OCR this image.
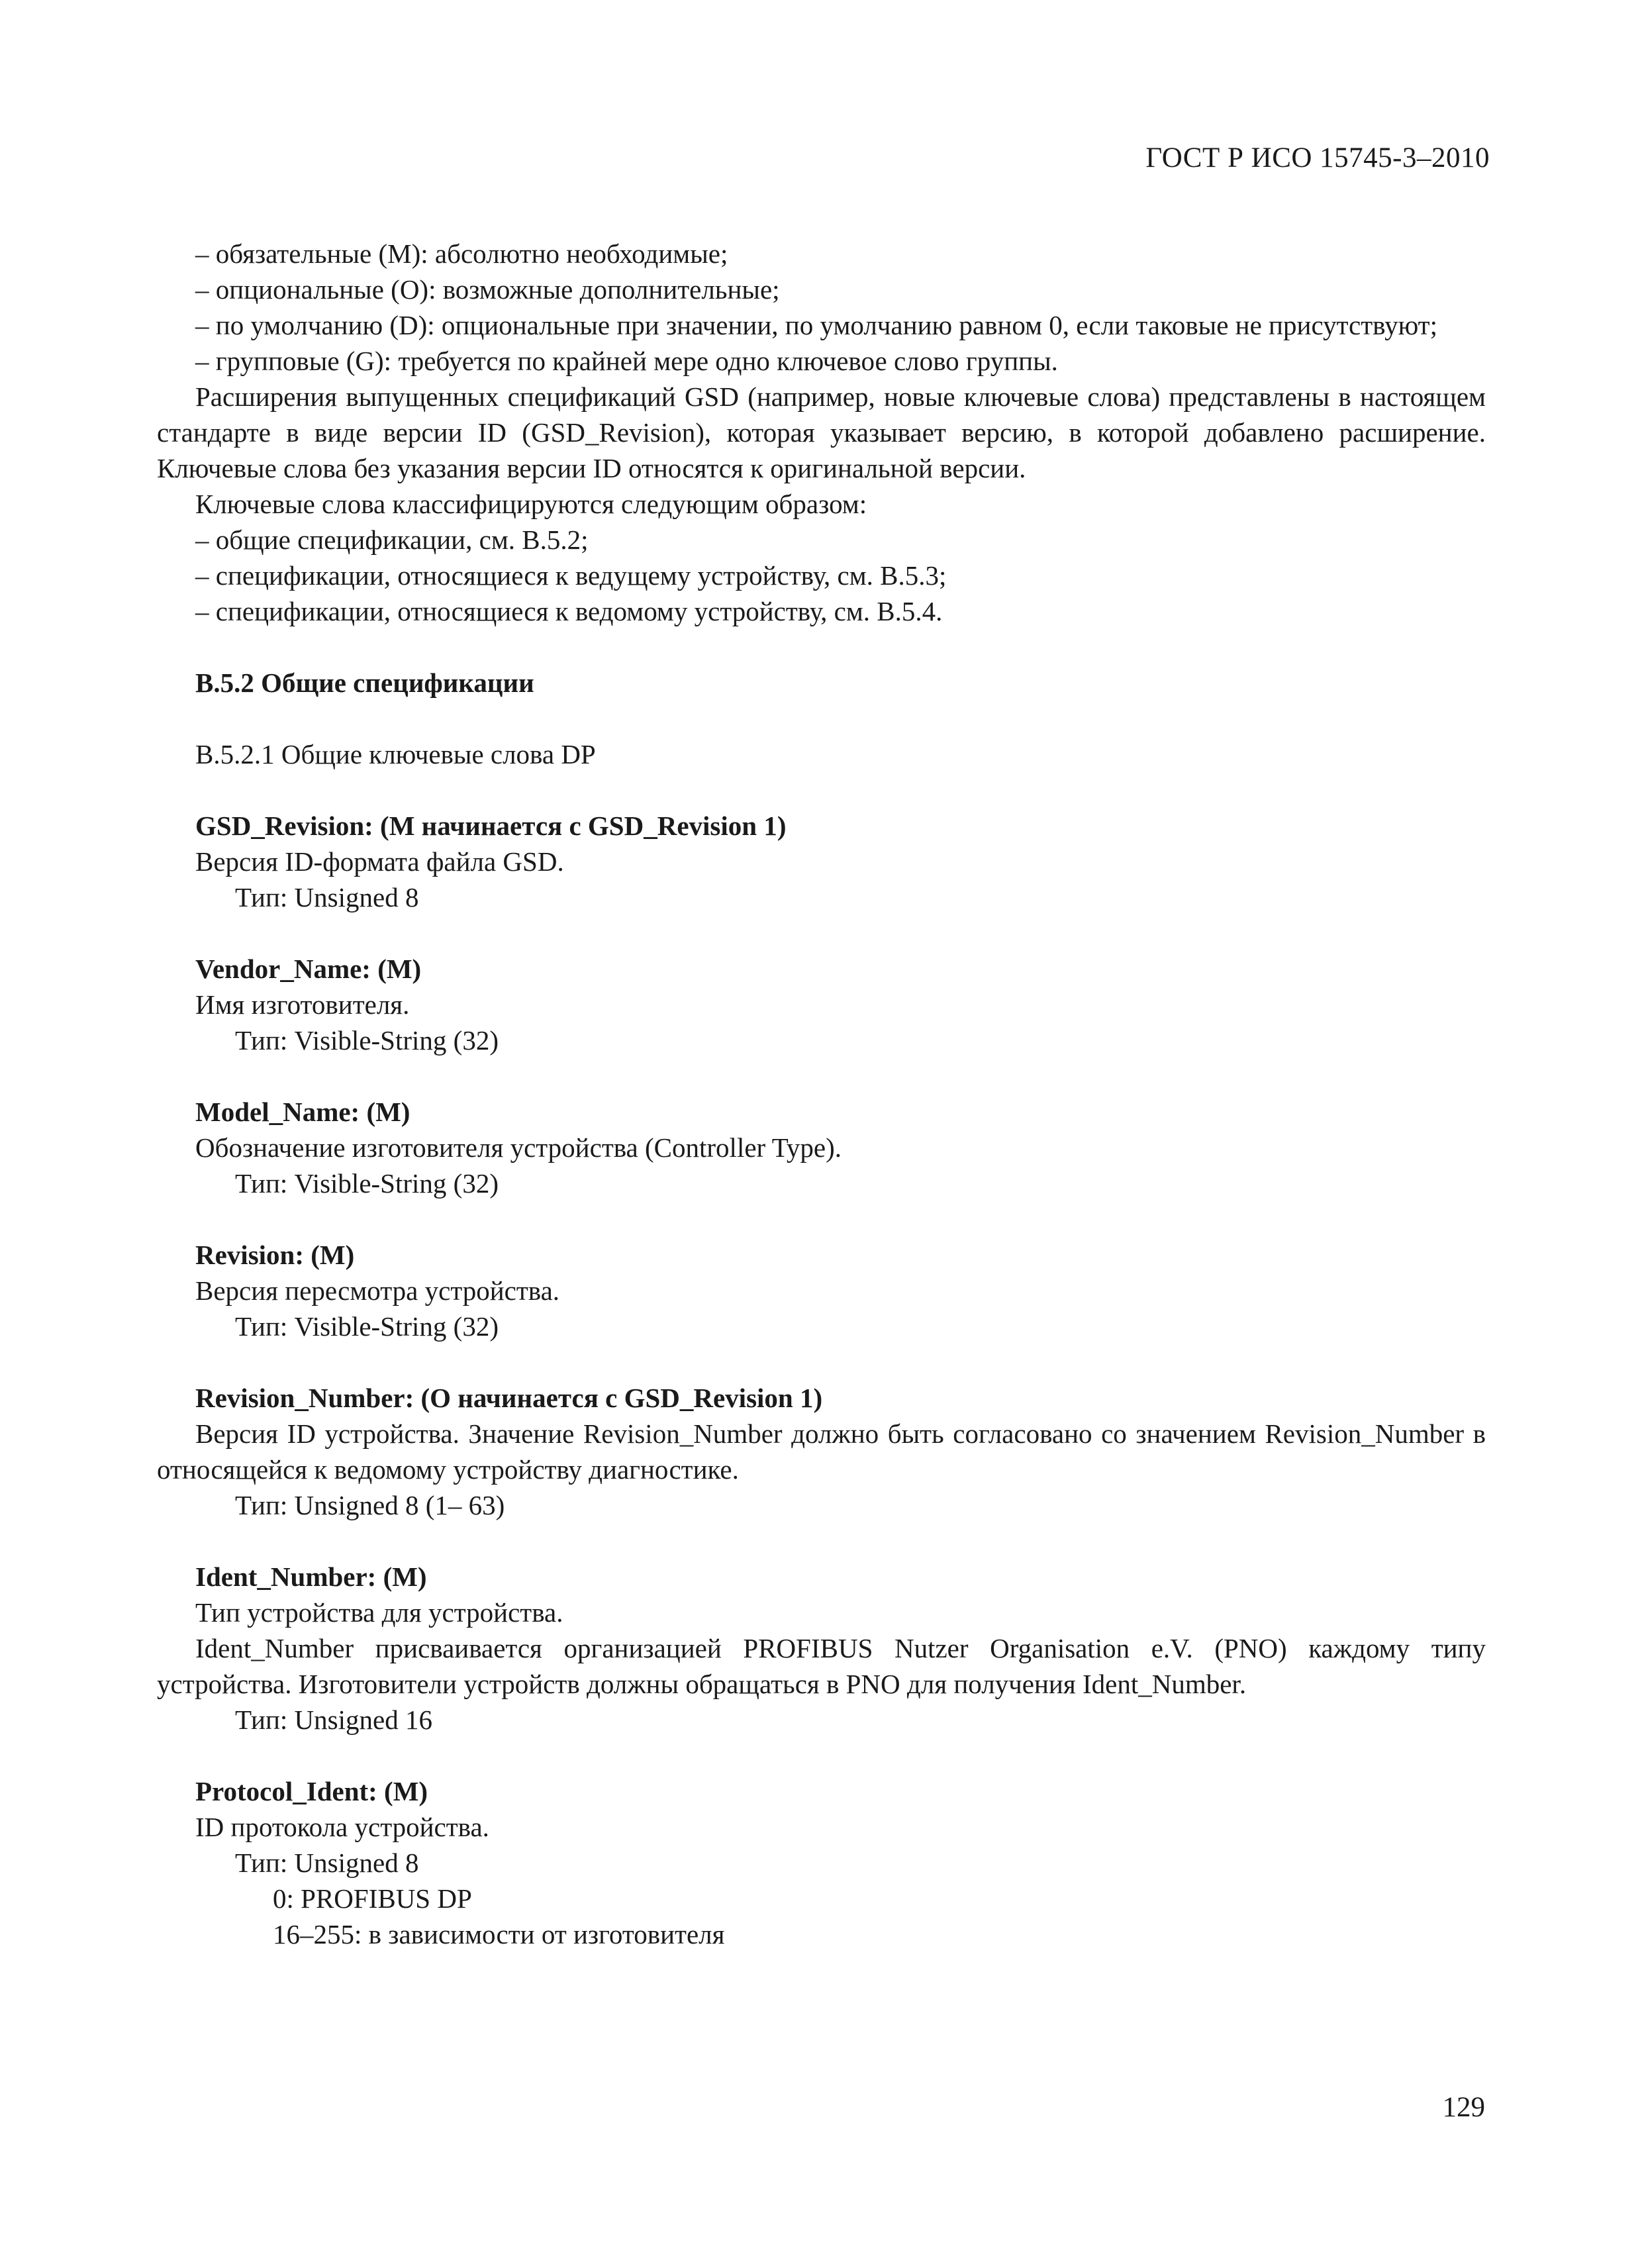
ГОСТ Р ИСО 15745-3–2010

– обязательные (M): абсолютно необходимые;

– опциональные (O): возможные дополнительные;

– по умолчанию (D): опциональные при значении, по умолчанию равном 0, если таковые не присутствуют;

– групповые (G): требуется по крайней мере одно ключевое слово группы.

Расширения выпущенных спецификаций GSD (например, новые ключевые слова) представлены в настоящем стандарте в виде версии ID (GSD_Revision), которая указывает версию, в которой добавлено расширение. Ключевые слова без указания версии ID относятся к оригинальной версии.

Ключевые слова классифицируются следующим образом:

– общие спецификации, см. В.5.2;

– спецификации, относящиеся к ведущему устройству, см. В.5.3;

– спецификации, относящиеся к ведомому устройству, см. В.5.4.

В.5.2 Общие спецификации

В.5.2.1 Общие ключевые слова DP

GSD_Revision: (M начинается с GSD_Revision 1)

Версия ID-формата файла GSD.

Тип: Unsigned 8

Vendor_Name: (M)

Имя изготовителя.

Тип: Visible-String (32)

Model_Name: (M)

Обозначение изготовителя устройства (Controller Type).

Тип: Visible-String (32)

Revision: (M)

Версия пересмотра устройства.

Тип: Visible-String (32)

Revision_Number: (O начинается с GSD_Revision 1)

Версия ID устройства. Значение Revision_Number должно быть согласовано со значением Revision_Number в относящейся к ведомому устройству диагностике.

Тип: Unsigned 8 (1– 63)

Ident_Number: (M)

Тип устройства для устройства.

Ident_Number присваивается организацией PROFIBUS Nutzer Organisation e.V. (PNO) каждому типу устройства. Изготовители устройств должны обращаться в PNO для получения Ident_Number.

Тип: Unsigned 16

Protocol_Ident: (M)

ID протокола устройства.

Тип: Unsigned 8

0: PROFIBUS DP

16–255: в зависимости от изготовителя

129
